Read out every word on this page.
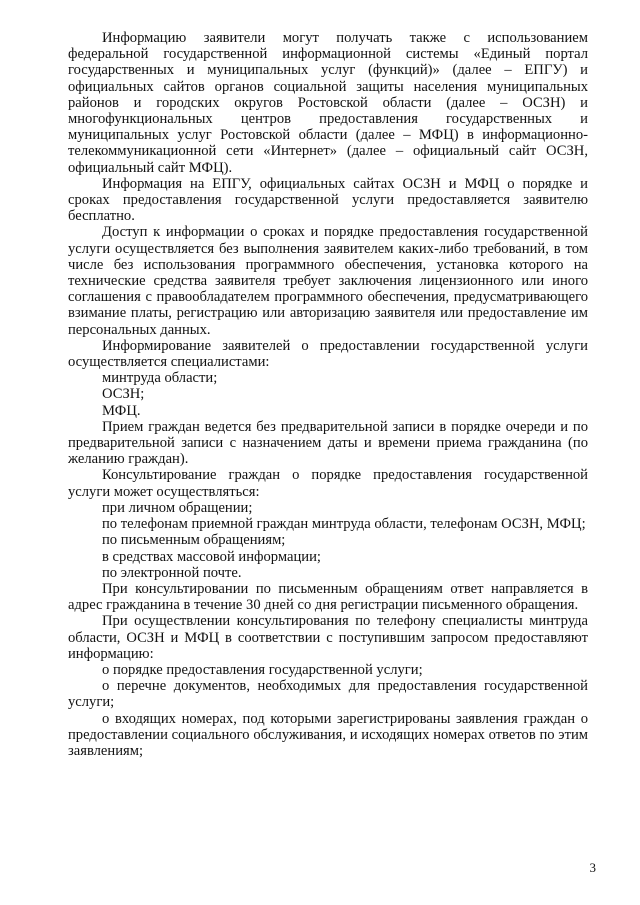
Информацию заявители могут получать также с использованием федеральной государственной информационной системы «Единый портал государственных и муниципальных услуг (функций)» (далее – ЕПГУ) и официальных сайтов органов социальной защиты населения муниципальных районов и городских округов Ростовской области (далее – ОСЗН) и многофункциональных центров предоставления государственных и муниципальных услуг Ростовской области (далее – МФЦ) в информационно-телекоммуникационной сети «Интернет» (далее – официальный сайт ОСЗН, официальный сайт МФЦ).

Информация на ЕПГУ, официальных сайтах ОСЗН и МФЦ о порядке и сроках предоставления государственной услуги предоставляется заявителю бесплатно.

Доступ к информации о сроках и порядке предоставления государственной услуги осуществляется без выполнения заявителем каких-либо требований, в том числе без использования программного обеспечения, установка которого на технические средства заявителя требует заключения лицензионного или иного соглашения с правообладателем программного обеспечения, предусматривающего взимание платы, регистрацию или авторизацию заявителя или предоставление им персональных данных.

Информирование заявителей о предоставлении государственной услуги осуществляется специалистами:

минтруда области;

ОСЗН;

МФЦ.

Прием граждан ведется без предварительной записи в порядке очереди и по предварительной записи с назначением даты и времени приема гражданина (по желанию граждан).

Консультирование граждан о порядке предоставления государственной услуги может осуществляться:

при личном обращении;

по телефонам приемной граждан минтруда области, телефонам ОСЗН, МФЦ;

по письменным обращениям;

в средствах массовой информации;

по электронной почте.

При консультировании по письменным обращениям ответ направляется в адрес гражданина в течение 30 дней со дня регистрации письменного обращения.

При осуществлении консультирования по телефону специалисты минтруда области, ОСЗН и МФЦ в соответствии с поступившим запросом предоставляют информацию:

о порядке предоставления государственной услуги;

о перечне документов, необходимых для предоставления государственной услуги;

о входящих номерах, под которыми зарегистрированы заявления граждан о предоставлении социального обслуживания, и исходящих номерах ответов по этим заявлениям;

3
